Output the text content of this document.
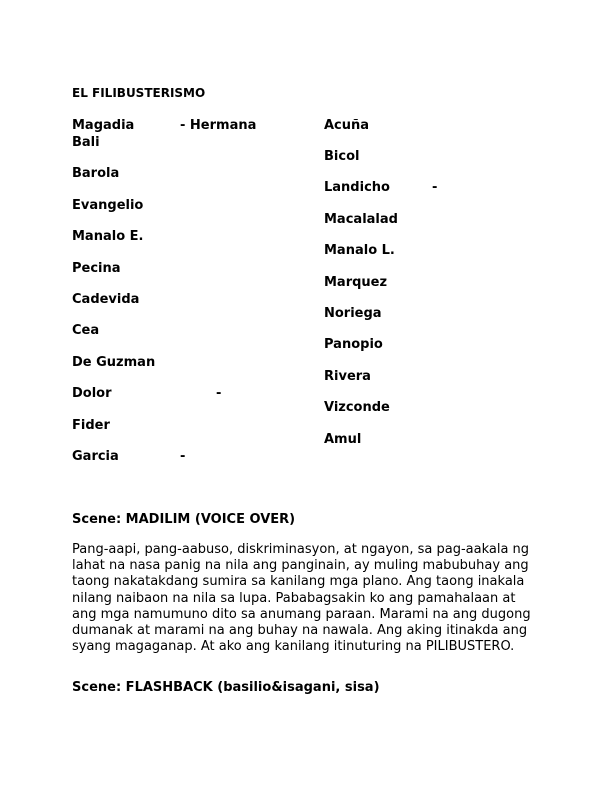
EL FILIBUSTERISMO
Magadia	- Hermana
Bali
Barola
Evangelio
Manalo E.
Pecina
Cadevida
Cea
De Guzman
Dolor	-
Fider
Garcia	-
Acuña
Bicol
Landicho	-
Macalalad
Manalo L.
Marquez
Noriega
Panopio
Rivera
Vizconde
Amul
Scene: MADILIM (VOICE OVER)
Pang-aapi, pang-aabuso, diskriminasyon, at ngayon, sa pag-aakala ng lahat na nasa panig na nila ang panginain, ay muling mabubuhay ang taong nakatakdang sumira sa kanilang mga plano. Ang taong inakala nilang naibaon na nila sa lupa. Pababagsakin ko ang pamahalaan at ang mga namumuno dito sa anumang paraan. Marami na ang dugong dumanak at marami na ang buhay na nawala. Ang aking itinakda ang syang magaganap. At ako ang kanilang itinuturing na PILIBUSTERO.
Scene: FLASHBACK (basilio&isagani, sisa)
